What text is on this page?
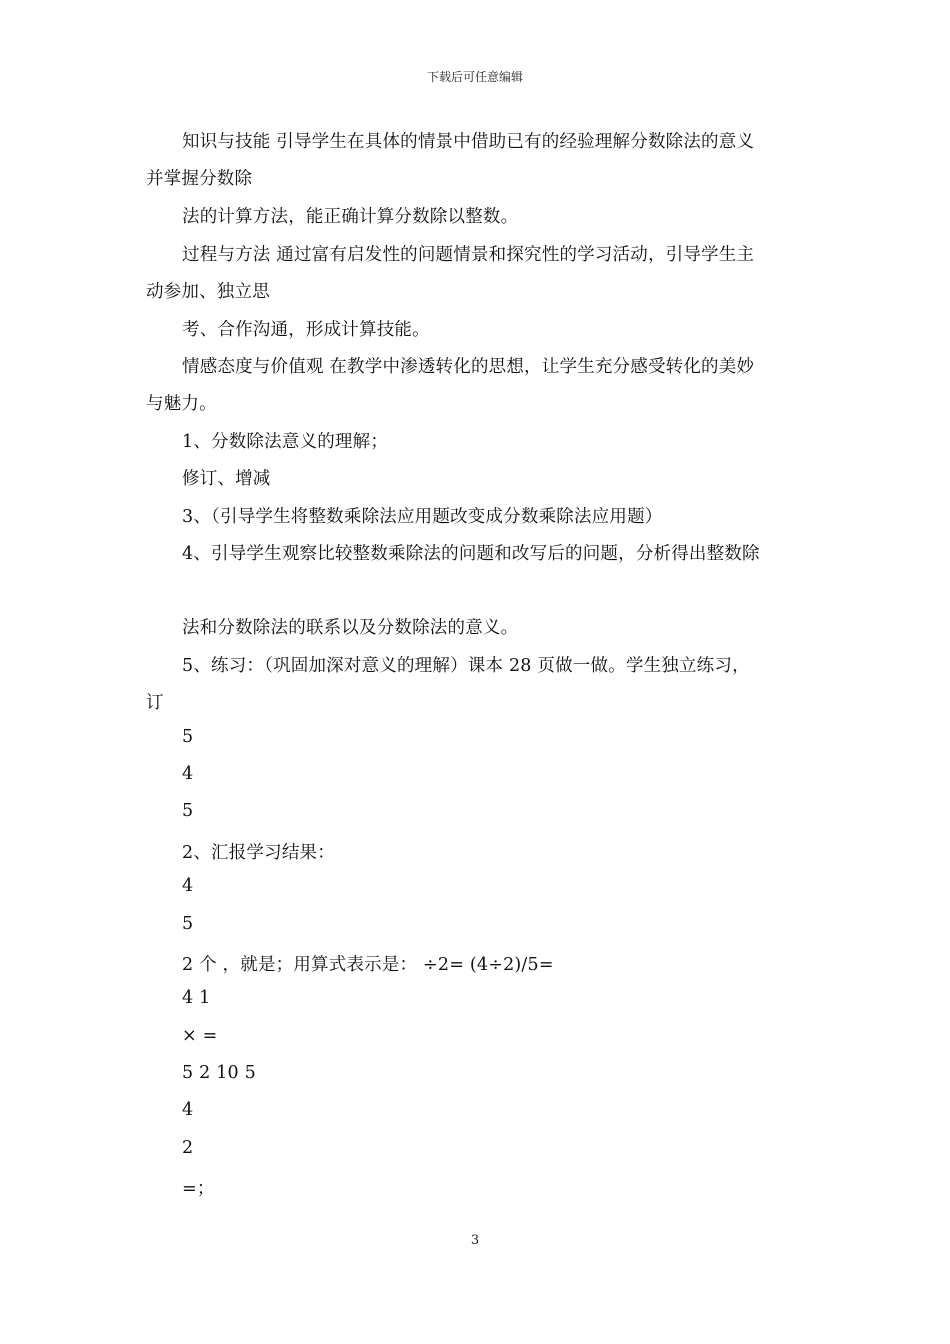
下载后可任意编辑
知识与技能 引导学生在具体的情景中借助已有的经验理解分数除法的意义
并掌握分数除
法的计算方法，能正确计算分数除以整数。
过程与方法 通过富有启发性的问题情景和探究性的学习活动，引导学生主
动参加、独立思
考、合作沟通，形成计算技能。
情感态度与价值观 在教学中渗透转化的思想，让学生充分感受转化的美妙
与魅力。
1、分数除法意义的理解；
修订、增减
3、（引导学生将整数乘除法应用题改变成分数乘除法应用题）
4、引导学生观察比较整数乘除法的问题和改写后的问题，分析得出整数除
法和分数除法的联系以及分数除法的意义。
5、练习：（巩固加深对意义的理解）课本 28 页做一做。学生独立练习，
订
5
4
5
2、汇报学习结果：
4
5
2 个 ，就是；用算式表示是： ÷2= (4÷2)/5=
4 1
× =
5 2 10 5
4
2
=；
3
